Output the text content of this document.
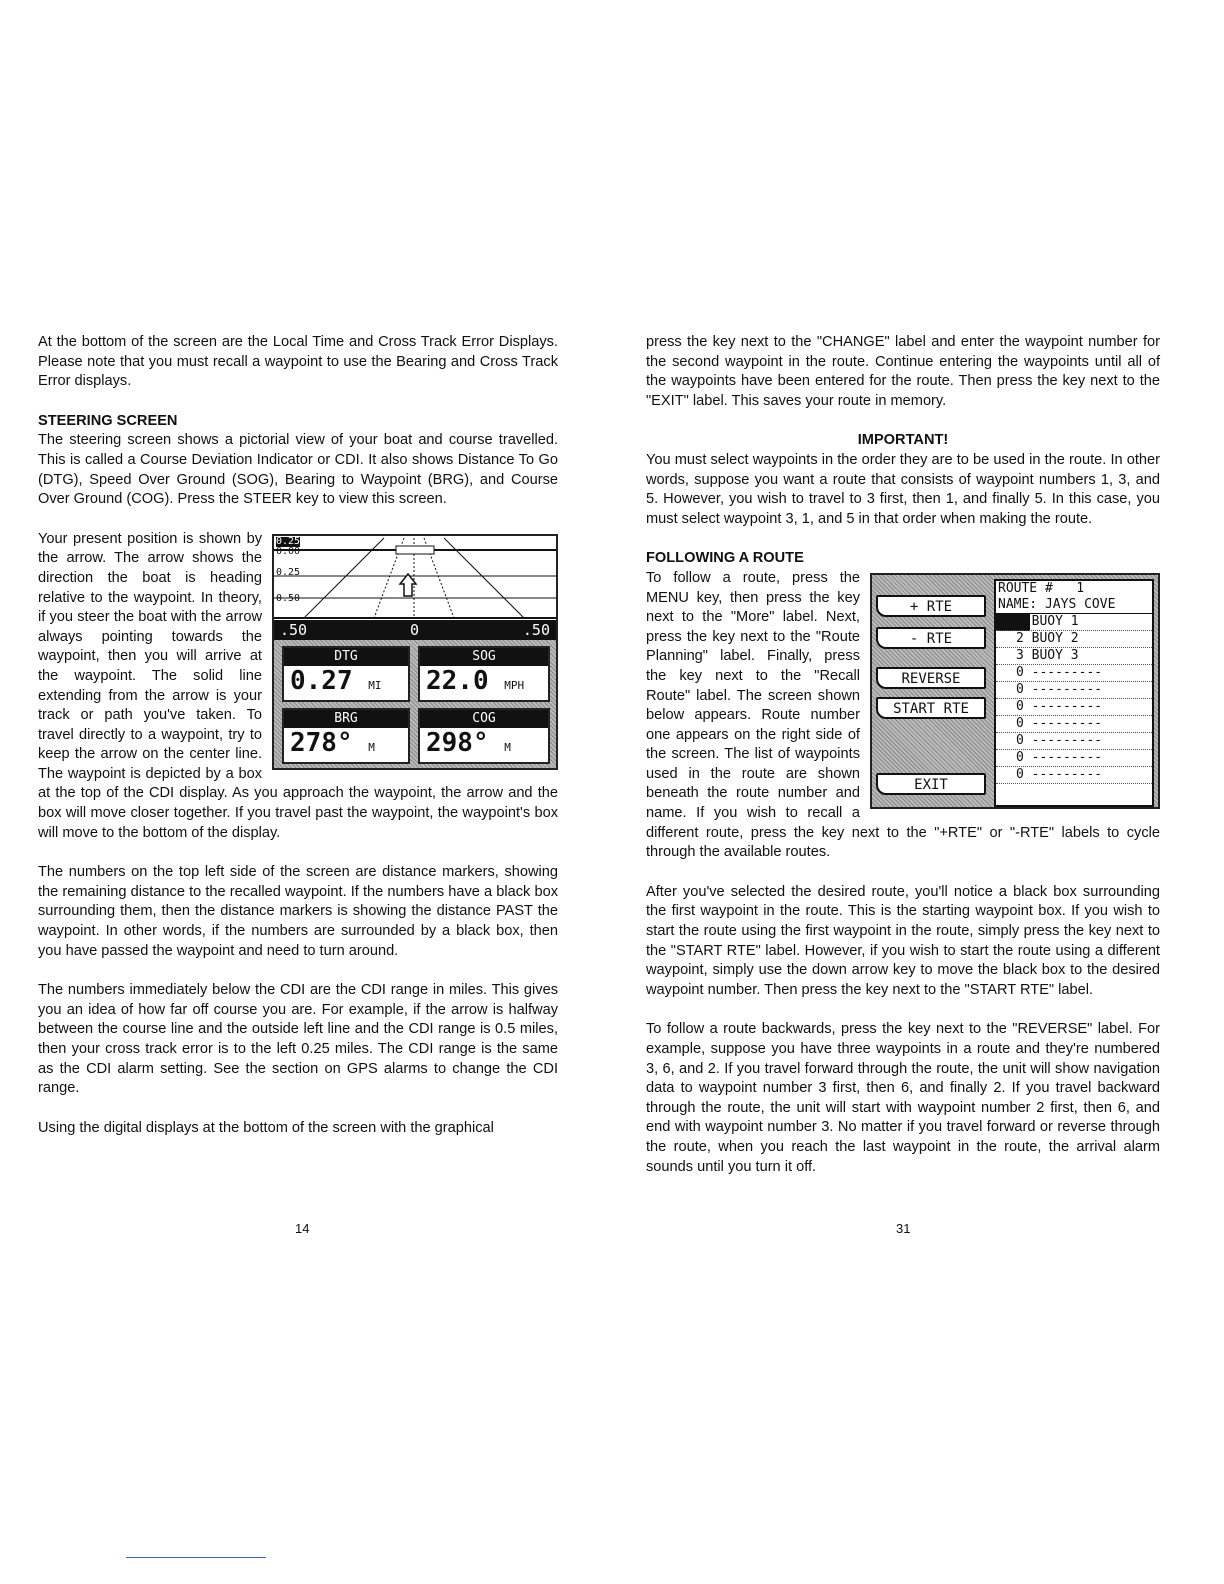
At the bottom of the screen are the Local Time and Cross Track Error Displays. Please note that you must recall a waypoint to use the Bearing and Cross Track Error displays.

STEERING SCREEN

The steering screen shows a pictorial view of your boat and course travelled. This is called a Course Deviation Indicator or CDI. It also shows Distance To Go (DTG), Speed Over Ground (SOG), Bearing to Waypoint (BRG), and Course Over Ground (COG). Press the STEER key to view this screen.

0.25
0.00
0.25
0.50
.50	0	.50
DTG
0.27 MI
SOG
22.0 MPH
BRG
278° M
COG
298° M
Your present position is shown by the arrow. The arrow shows the direction the boat is heading relative to the waypoint. In theory, if you steer the boat with the arrow always pointing towards the waypoint, then you will arrive at the waypoint. The solid line extending from the arrow is your track or path you've taken. To travel directly to a waypoint, try to keep the arrow on the center line. The waypoint is depicted by a box at the top of the CDI display. As you approach the waypoint, the arrow and the box will move closer together. If you travel past the waypoint, the waypoint's box will move to the bottom of the display.

The numbers on the top left side of the screen are distance markers, showing the remaining distance to the recalled waypoint. If the numbers have a black box surrounding them, then the distance markers is showing the distance PAST the waypoint. In other words, if the numbers are surrounded by a black box, then you have passed the waypoint and need to turn around.

The numbers immediately below the CDI are the CDI range in miles. This gives you an idea of how far off course you are. For example, if the arrow is halfway between the course line and the outside left line and the CDI range is 0.5 miles, then your cross track error is to the left 0.25 miles. The CDI range is the same as the CDI alarm setting. See the section on GPS alarms to change the CDI range.

Using the digital displays at the bottom of the screen with the graphical

14

press the key next to the "CHANGE" label and enter the waypoint number for the second waypoint in the route. Continue entering the waypoints until all of the waypoints have been entered for the route. Then press the key next to the "EXIT" label. This saves your route in memory.

IMPORTANT!

You must select waypoints in the order they are to be used in the route. In other words, suppose you want a route that consists of waypoint numbers 1, 3, and 5. However, you wish to travel to 3 first, then 1, and finally 5. In this case, you must select waypoint 3, 1, and 5 in that order when making the route.

FOLLOWING A ROUTE
+ RTE
- RTE
REVERSE
START RTE
EXIT
ROUTE #   1
NAME: JAYS COVE
1 BUOY 1
2 BUOY 2
3 BUOY 3
0 ---------
0 ---------
0 ---------
0 ---------
0 ---------
0 ---------
0 ---------
To follow a route, press the MENU key, then press the key next to the "More" label. Next, press the key next to the "Route Planning" label. Finally, press the key next to the "Recall Route" label. The screen shown below appears. Route number one appears on the right side of the screen. The list of waypoints used in the route are shown beneath the route number and name. If you wish to recall a different route, press the key next to the "+RTE" or "-RTE" labels to cycle through the available routes.
After you've selected the desired route, you'll notice a black box surrounding the first waypoint in the route. This is the starting waypoint box. If you wish to start the route using the first waypoint in the route, simply press the key next to the "START RTE" label. However, if you wish to start the route using a different waypoint, simply use the down arrow key to move the black box to the desired waypoint number. Then press the key next to the "START RTE" label.

To follow a route backwards, press the key next to the "REVERSE" label. For example, suppose you have three waypoints in a route and they're numbered 3, 6, and 2. If you travel forward through the route, the unit will show navigation data to waypoint number 3 first, then 6, and finally 2. If you travel backward through the route, the unit will start with waypoint number 2 first, then 6, and end with waypoint number 3. No matter if you travel forward or reverse through the route, when you reach the last waypoint in the route, the arrival alarm sounds until you turn it off.

31
